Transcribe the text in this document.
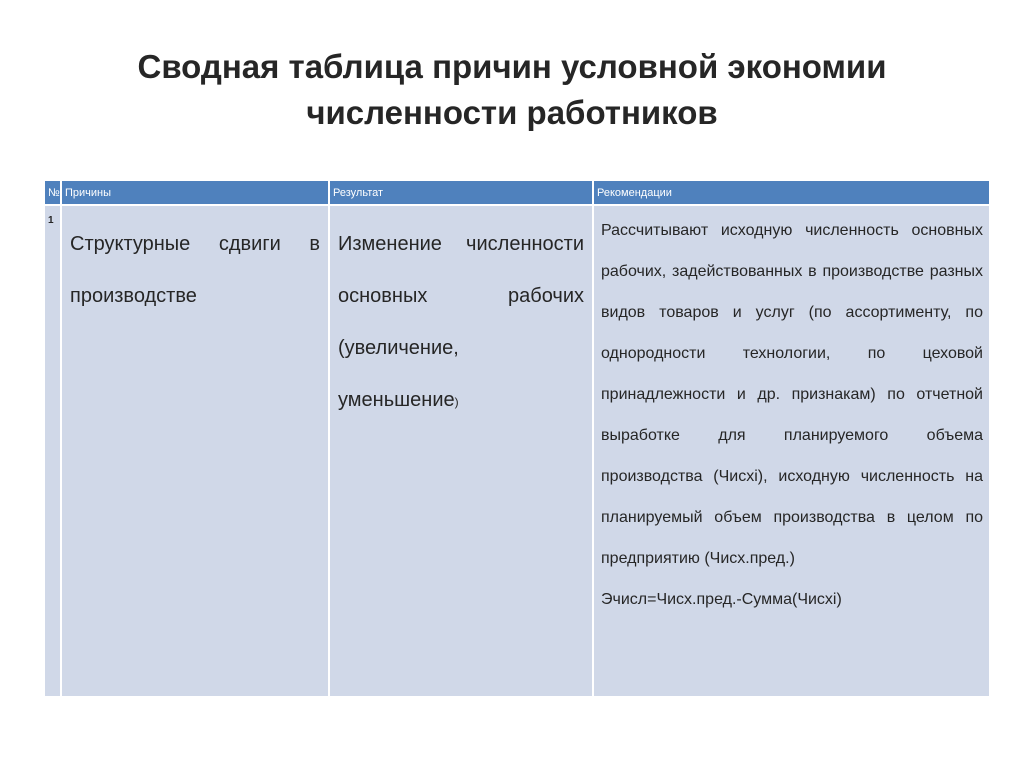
Сводная таблица причин условной экономии
численности работников
№	Причины	Результат	Рекомендации

1	Структурные сдвиги в производстве	Изменение численности основных рабочих (увеличение, уменьшение)	Рассчитывают исходную численность основных рабочих, задействованных в производстве разных видов товаров и услуг (по ассортименту, по однородности технологии, по цеховой принадлежности и др. признакам) по отчетной выработке для планируемого объема производства (Чисхi), исходную численность на планируемый объем производства в целом по предприятию (Чисх.пред.)
Эчисл=Чисх.пред.-Сумма(Чисхi)
